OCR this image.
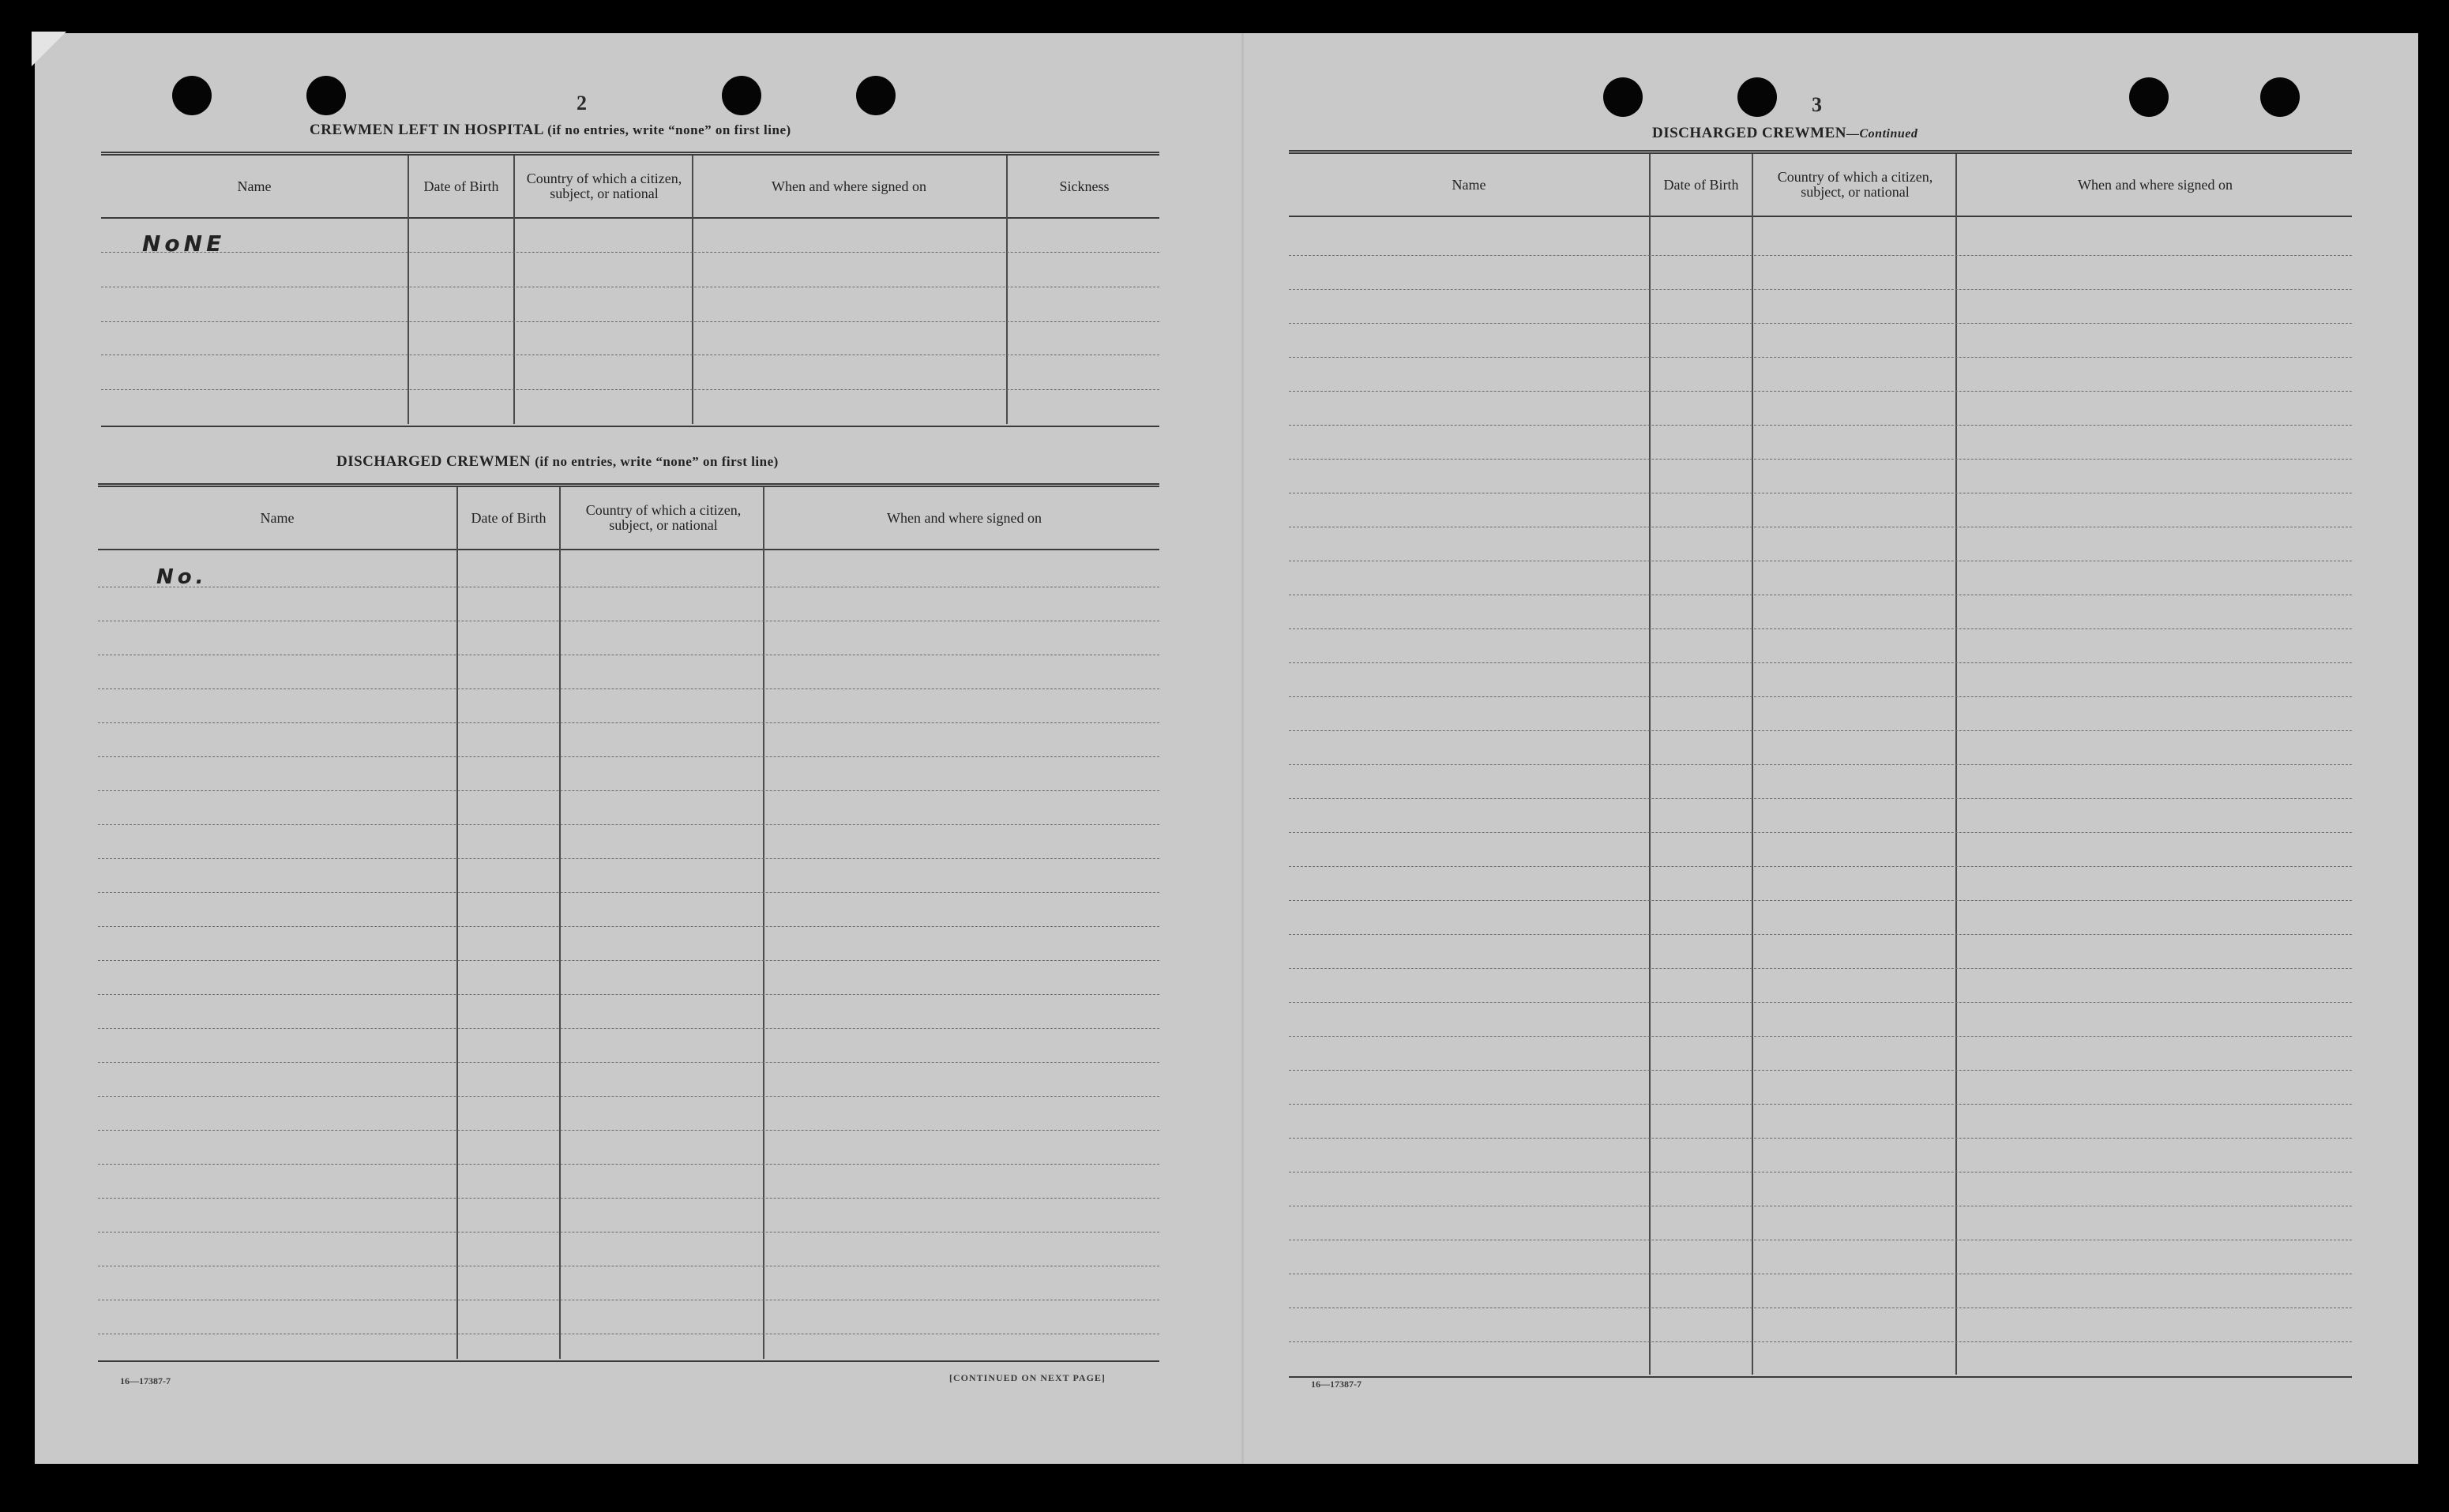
2
CREWMEN LEFT IN HOSPITAL (if no entries, write “none” on first line)
Name	Date of Birth	Country of which a citizen, subject, or national	When and where signed on	Sickness
NoNE
DISCHARGED CREWMEN (if no entries, write “none” on first line)
Name	Date of Birth	Country of which a citizen, subject, or national	When and where signed on
No.
16—17387-7	[CONTINUED ON NEXT PAGE]
3
DISCHARGED CREWMEN—Continued
Name	Date of Birth	Country of which a citizen, subject, or national	When and where signed on
16—17387-7
